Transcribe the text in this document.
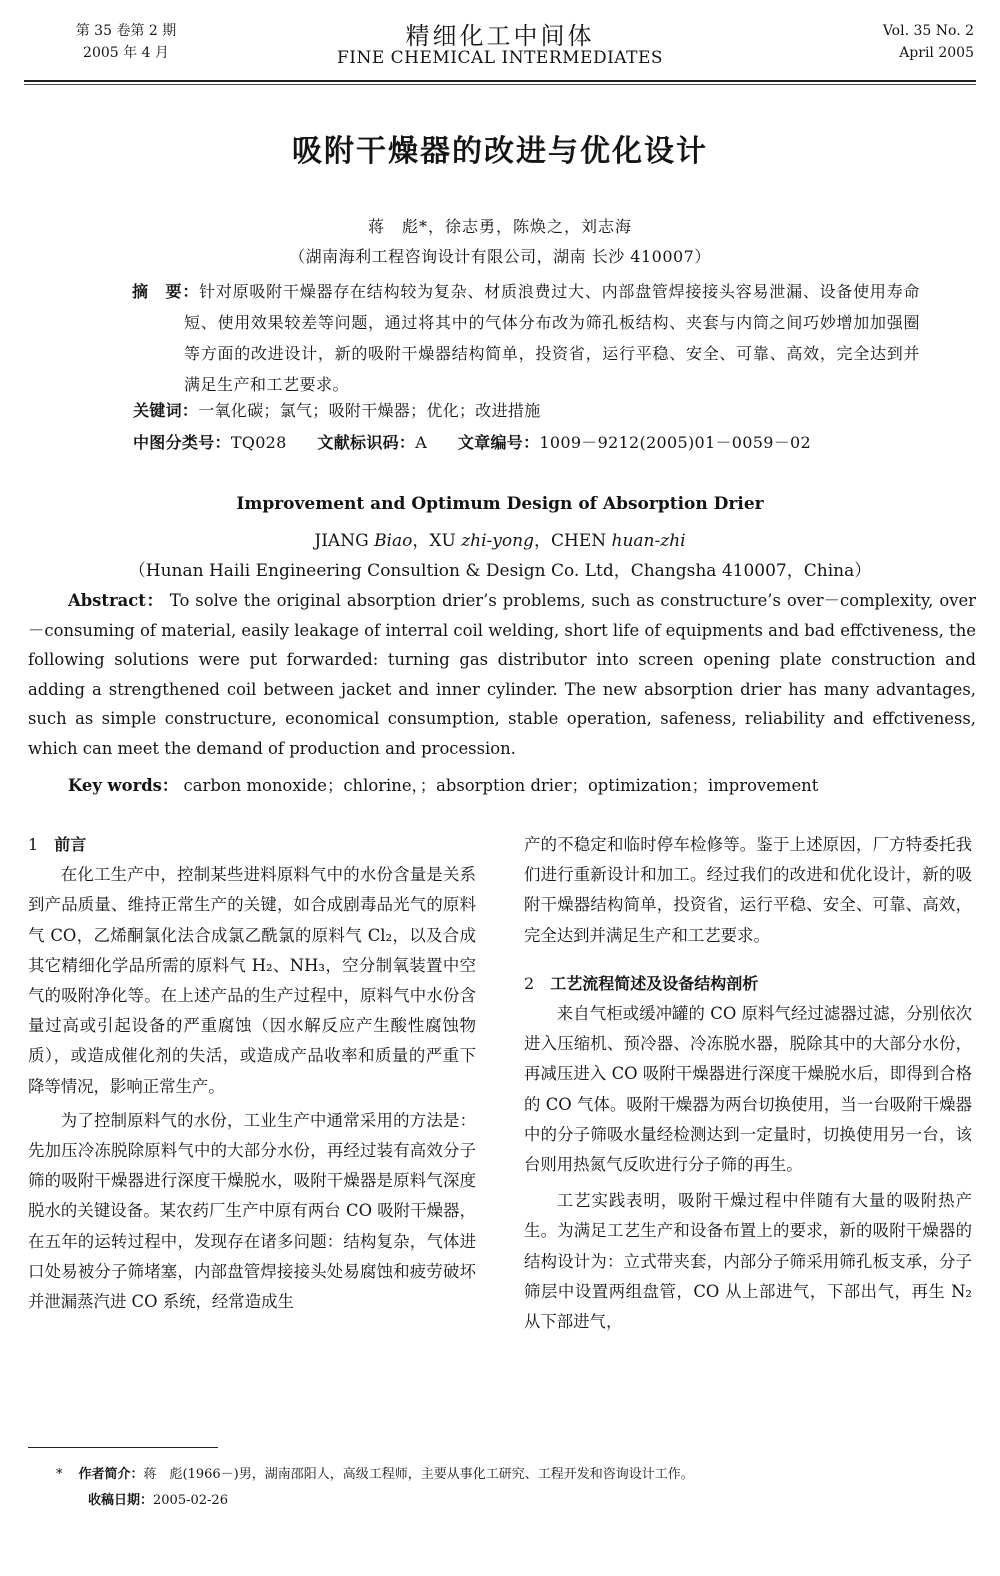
第 35 卷第 2 期
2005 年 4 月
精细化工中间体
FINE CHEMICAL INTERMEDIATES
Vol. 35 No. 2
April 2005
吸附干燥器的改进与优化设计
蒋　彪*，徐志勇，陈焕之，刘志海
（湖南海利工程咨询设计有限公司，湖南 长沙 410007）
摘　要：针对原吸附干燥器存在结构较为复杂、材质浪费过大、内部盘管焊接接头容易泄漏、设备使用寿命短、使用效果较差等问题，通过将其中的气体分布改为筛孔板结构、夹套与内筒之间巧妙增加加强圈等方面的改进设计，新的吸附干燥器结构简单，投资省，运行平稳、安全、可靠、高效，完全达到并满足生产和工艺要求。
关键词：一氧化碳；氯气；吸附干燥器；优化；改进措施
中图分类号：TQ028 文献标识码：A 文章编号：1009－9212(2005)01－0059－02
Improvement and Optimum Design of Absorption Drier
JIANG Biao，XU zhi-yong，CHEN huan-zhi
（Hunan Haili Engineering Consultion & Design Co. Ltd，Changsha 410007，China）
Abstract： To solve the original absorption drier’s problems, such as constructure’s over－complexity, over－consuming of material, easily leakage of interral coil welding, short life of equipments and bad effctiveness, the following solutions were put forwarded: turning gas distributor into screen opening plate construction and adding a strengthened coil between jacket and inner cylinder. The new absorption drier has many advantages, such as simple constructure, economical consumption, stable operation, safeness, reliability and effctiveness, which can meet the demand of production and procession.
Key words： carbon monoxide；chlorine，；absorption drier；optimization；improvement

1 前言

在化工生产中，控制某些进料原料气中的水份含量是关系到产品质量、维持正常生产的关键，如合成剧毒品光气的原料气 CO，乙烯酮氯化法合成氯乙酰氯的原料气 Cl₂，以及合成其它精细化学品所需的原料气 H₂、NH₃，空分制氧装置中空气的吸附净化等。在上述产品的生产过程中，原料气中水份含量过高或引起设备的严重腐蚀（因水解反应产生酸性腐蚀物质），或造成催化剂的失活，或造成产品收率和质量的严重下降等情况，影响正常生产。

为了控制原料气的水份，工业生产中通常采用的方法是：先加压冷冻脱除原料气中的大部分水份，再经过装有高效分子筛的吸附干燥器进行深度干燥脱水，吸附干燥器是原料气深度脱水的关键设备。某农药厂生产中原有两台 CO 吸附干燥器，在五年的运转过程中，发现存在诸多问题：结构复杂，气体进口处易被分子筛堵塞，内部盘管焊接接头处易腐蚀和疲劳破坏并泄漏蒸汽进 CO 系统，经常造成生

产的不稳定和临时停车检修等。鉴于上述原因，厂方特委托我们进行重新设计和加工。经过我们的改进和优化设计，新的吸附干燥器结构简单，投资省，运行平稳、安全、可靠、高效，完全达到并满足生产和工艺要求。

2 工艺流程简述及设备结构剖析

来自气柜或缓冲罐的 CO 原料气经过滤器过滤，分别依次进入压缩机、预冷器、冷冻脱水器，脱除其中的大部分水份，再减压进入 CO 吸附干燥器进行深度干燥脱水后，即得到合格的 CO 气体。吸附干燥器为两台切换使用，当一台吸附干燥器中的分子筛吸水量经检测达到一定量时，切换使用另一台，该台则用热氮气反吹进行分子筛的再生。

工艺实践表明，吸附干燥过程中伴随有大量的吸附热产生。为满足工艺生产和设备布置上的要求，新的吸附干燥器的结构设计为：立式带夹套，内部分子筛采用筛孔板支承，分子筛层中设置两组盘管，CO 从上部进气，下部出气，再生 N₂从下部进气，

* 作者简介：蒋　彪(1966－)男，湖南邵阳人，高级工程师，主要从事化工研究、工程开发和咨询设计工作。
收稿日期：2005-02-26
